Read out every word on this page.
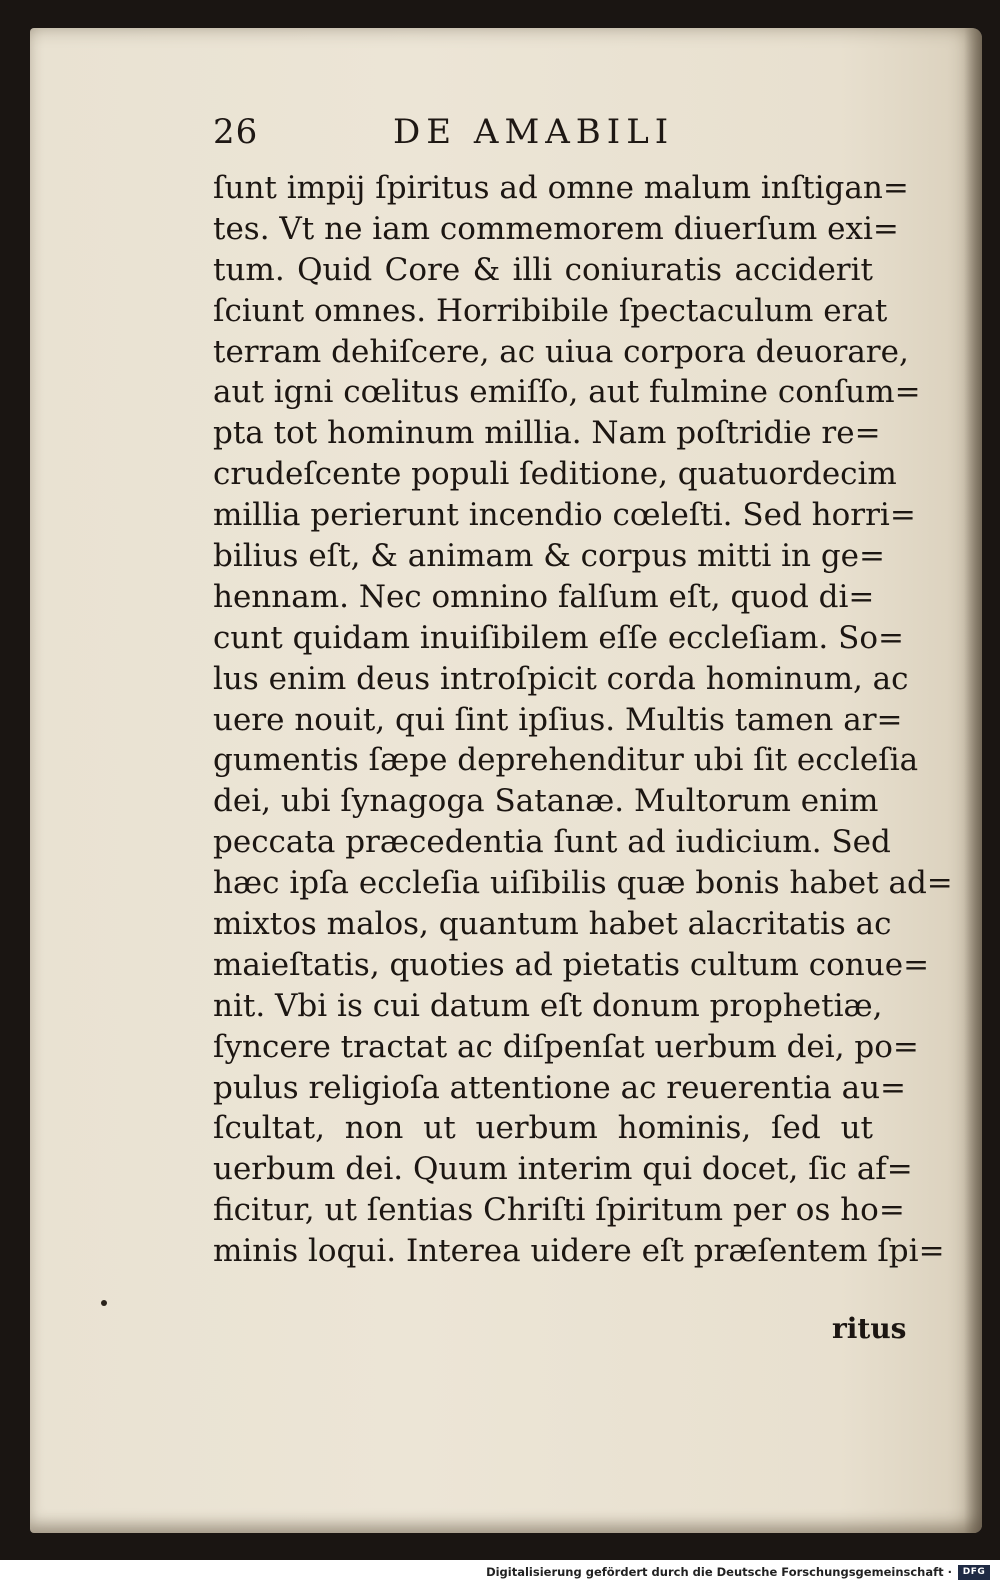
26	DE AMABILI
ſunt impij ſpiritus ad omne malum inſtigan=
tes. Vt ne iam commemorem diuerſum exi=
tum. Quid Core & illi coniuratis acciderit
ſciunt omnes. Horribibile ſpectaculum erat
terram dehiſcere, ac uiua corpora deuorare,
aut igni cœlitus emiſſo, aut fulmine conſum=
pta tot hominum millia. Nam poſtridie re=
crudeſcente populi ſeditione, quatuordecim
millia perierunt incendio cœleſti. Sed horri=
bilius eſt, & animam & corpus mitti in ge=
hennam. Nec omnino falſum eſt, quod di=
cunt quidam inuiſibilem eſſe eccleſiam. So=
lus enim deus introſpicit corda hominum, ac
uere nouit, qui ſint ipſius. Multis tamen ar=
gumentis ſæpe deprehenditur ubi ſit eccleſia
dei, ubi ſynagoga Satanæ. Multorum enim
peccata præcedentia ſunt ad iudicium. Sed
hæc ipſa eccleſia uiſibilis quæ bonis habet ad=
mixtos malos, quantum habet alacritatis ac
maieſtatis, quoties ad pietatis cultum conue=
nit. Vbi is cui datum eſt donum prophetiæ,
ſyncere tractat ac diſpenſat uerbum dei, po=
pulus religioſa attentione ac reuerentia au=
ſcultat, non ut uerbum hominis, ſed ut
uerbum dei. Quum interim qui docet, ſic af=
ficitur, ut ſentias Chriſti ſpiritum per os ho=
minis loqui. Interea uidere eſt præſentem ſpi=
ritus
Digitalisierung gefördert durch die Deutsche Forschungsgemeinschaft ·	DFG
